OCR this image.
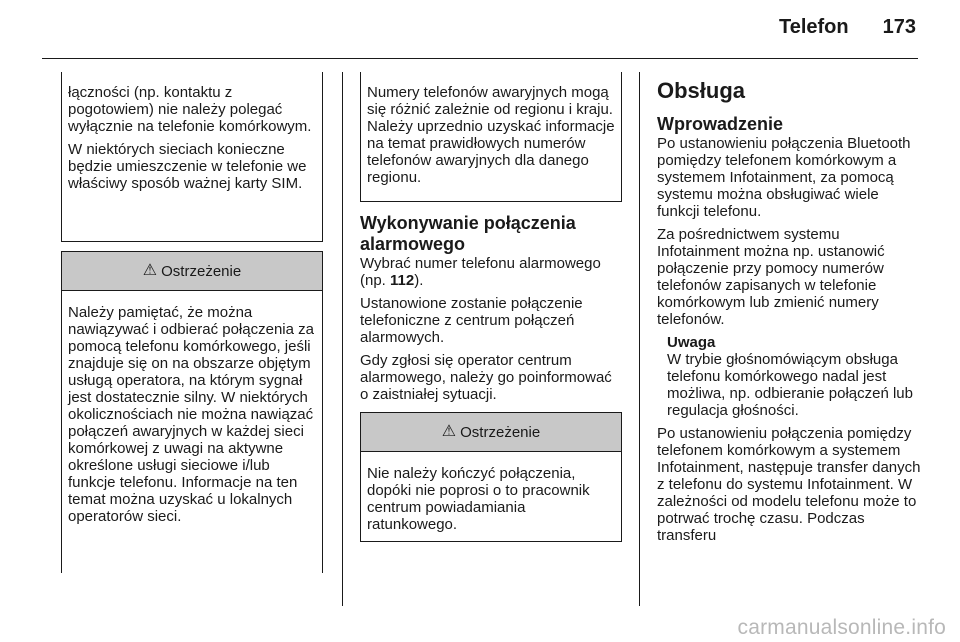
Telefon 173

łączności (np. kontaktu z pogotowiem) nie należy polegać wyłącznie na telefonie komórkowym.

W niektórych sieciach konieczne będzie umieszczenie w telefonie we właściwy sposób ważnej karty SIM.

⚠ Ostrzeżenie

Należy pamiętać, że można nawiązywać i odbierać połączenia za pomocą telefonu komórkowego, jeśli znajduje się on na obszarze objętym usługą operatora, na którym sygnał jest dostatecznie silny. W niektórych okolicznościach nie można nawiązać połączeń awaryjnych w każdej sieci komórkowej z uwagi na aktywne określone usługi sieciowe i/lub funkcje telefonu. Informacje na ten temat można uzyskać u lokalnych operatorów sieci.

Numery telefonów awaryjnych mogą się różnić zależnie od regionu i kraju. Należy uprzednio uzyskać informacje na temat prawidłowych numerów telefonów awaryjnych dla danego regionu.

Wykonywanie połączenia alarmowego

Wybrać numer telefonu alarmowego (np. 112).

Ustanowione zostanie połączenie telefoniczne z centrum połączeń alarmowych.

Gdy zgłosi się operator centrum alarmowego, należy go poinformować o zaistniałej sytuacji.

⚠ Ostrzeżenie

Nie należy kończyć połączenia, dopóki nie poprosi o to pracownik centrum powiadamiania ratunkowego.

Obsługa
Wprowadzenie

Po ustanowieniu połączenia Bluetooth pomiędzy telefonem komórkowym a systemem Infotainment, za pomocą systemu można obsługiwać wiele funkcji telefonu.

Za pośrednictwem systemu Infotainment można np. ustanowić połączenie przy pomocy numerów telefonów zapisanych w telefonie komórkowym lub zmienić numery telefonów.

Uwaga
W trybie głośnomówiącym obsługa telefonu komórkowego nadal jest możliwa, np. odbieranie połączeń lub regulacja głośności.

Po ustanowieniu połączenia pomiędzy telefonem komórkowym a systemem Infotainment, następuje transfer danych z telefonu do systemu Infotainment. W zależności od modelu telefonu może to potrwać trochę czasu. Podczas transferu

carmanualsonline.info
